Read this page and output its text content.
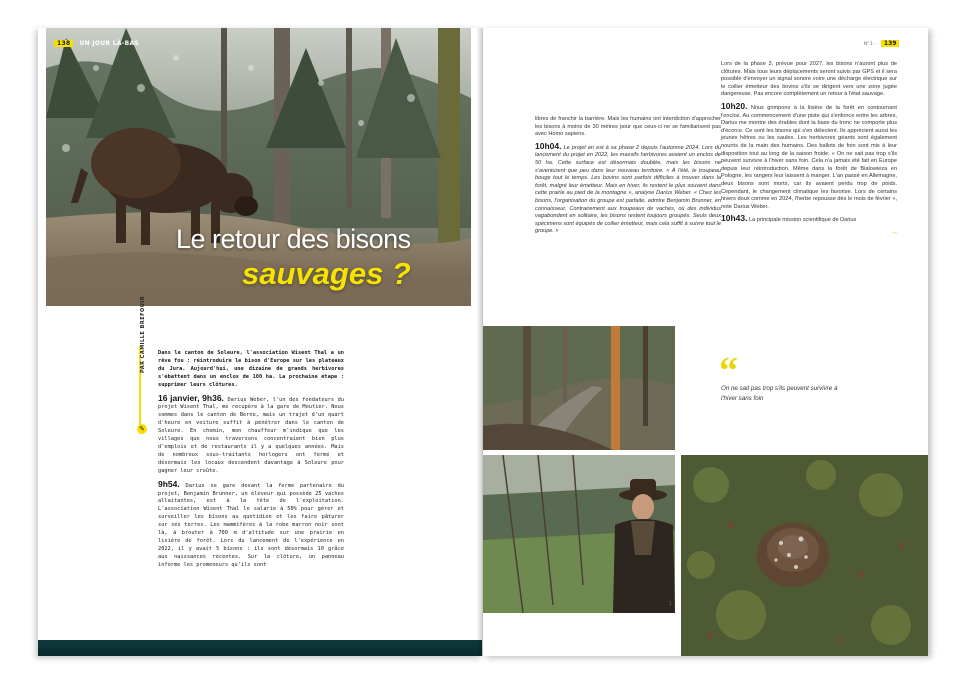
138	UN JOUR LÀ-BAS
Le retour des bisons
sauvages ?
PAR CAMILLE BREFOUIR
✎

Dans le canton de Soleure, l'association Wisent Thal a un rêve fou : réintroduire le bison d'Europe sur les plateaux du Jura. Aujourd'hui, une dizaine de grands herbivores s'ébattent dans un enclos de 100 ha. La prochaine étape : supprimer leurs clôtures.

16 janvier, 9h36. Darius Weber, l'un des fondateurs du projet Wisent Thal, me récupère à la gare de Moutier. Nous sommes dans le canton de Berne, mais un trajet d'un quart d'heure en voiture suffit à pénétrer dans le canton de Soleure. En chemin, mon chauffeur m'indique que les villages que nous traversons concentraient bien plus d'emplois et de restaurants il y a quelques années. Mais de nombreux sous-traitants horlogers ont fermé et désormais les locaux descendent davantage à Soleure pour gagner leur croûte.

9h54. Darius se gare devant la ferme partenaire du projet, Benjamin Brunner, un éleveur qui possède 25 vaches allaitantes, est à la tête de l'exploitation. L'association Wisent Thal le salarie à 50% pour gérer et surveiller les bisons au quotidien et les faire pâturer sur ses terres. Les mammifères à la robe marron noir sont là, à brouter à 700 m d'altitude sur une prairie en lisière de forêt. Lors du lancement de l'expérience en 2022, il y avait 5 bisons : ils sont désormais 10 grâce aux naissances récentes. Sur la clôture, un panneau informe les promeneurs qu'ils sont

N° 1 · ·	139

libres de franchir la barrière. Mais les humains ont interdiction d'approcher les bisons à moins de 30 mètres pour que ceux-ci ne se familiarisent pas avec Homo sapiens.

10h04. Le projet en est à sa phase 2 depuis l'automne 2024. Lors du lancement du projet en 2022, les massifs herbivores avaient un enclos de 50 ha. Cette surface est désormais doublée, mais les bisons ne s'aventurent que peu dans leur nouveau territoire. « À l'été, le troupeau bouge tout le temps. Les bovins sont parfois difficiles à trouver dans la forêt, malgré leur émetteur. Mais en hiver, ils restent le plus souvent dans cette prairie au pied de la montagne », analyse Darius Weber. « Chez les bisons, l'organisation du groupe est parfaite, admire Benjamin Brunner, en connaisseur. Contrairement aux troupeaux de vaches, où des individus vagabondent en solitaire, les bisons restent toujours groupés. Seuls deux spécimens sont équipés de collier émetteur, mais cela suffit à suivre tout le groupe. »

Lors de la phase 3, prévue pour 2027, les bisons n'auront plus de clôtures. Mais tous leurs déplacements seront suivis par GPS et il sera possible d'envoyer un signal sonore voire une décharge électrique sur le collier émetteur des bovins s'ils se dirigent vers une zone jugée dangereuse. Pas encore complètement un retour à l'état sauvage.

10h20. Nous grimpons à la lisière de la forêt en contournant l'enclos. Au commencement d'une piste qui s'enfonce entre les arbres, Darius me montre des érables dont la base du tronc ne comporte plus d'écorce. Ce sont les bisons qui s'en délectent. Ils apprécient aussi les jeunes hêtres ou les saules. Les herbivores géants sont également nourris de la main des humains. Des ballots de foin sont mis à leur disposition tout au long de la saison froide. « On ne sait pas trop s'ils peuvent survivre à l'hiver sans foin. Cela n'a jamais été fait en Europe depuis leur réintroduction. Même dans la forêt de Bialowieza en Pologne, les rangers leur laissent à manger. L'an passé en Allemagne, deux bisons sont morts, car ils avaient perdu trop de poids. Cependant, le changement climatique les favorise. Lors de certains hivers doux comme en 2024, l'herbe repousse dès le mois de février », note Darius Weber.

10h43. La principale mission scientifique de Darius

»»
“
On ne sait pas trop s'ils peuvent survivre à l'hiver sans foin
1
